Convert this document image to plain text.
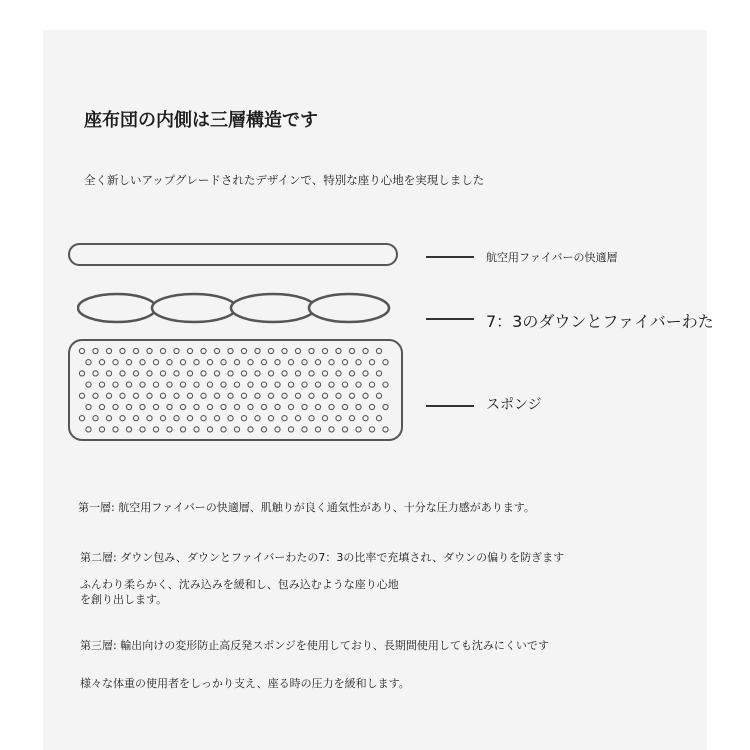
座布団の内側は三層構造です
全く新しいアップグレードされたデザインで、特別な座り心地を実現しました
航空用ファイバーの快適層
7：3のダウンとファイバーわた
スポンジ
第一層: 航空用ファイバーの快適層、肌触りが良く通気性があり、十分な圧力感があります。
第二層: ダウン包み、ダウンとファイバーわたの7：3の比率で充填され、ダウンの偏りを防ぎます
ふんわり柔らかく、沈み込みを緩和し、包み込むような座り心地
を創り出します。
第三層: 輸出向けの変形防止高反発スポンジを使用しており、長期間使用しても沈みにくいです
様々な体重の使用者をしっかり支え、座る時の圧力を緩和します。
